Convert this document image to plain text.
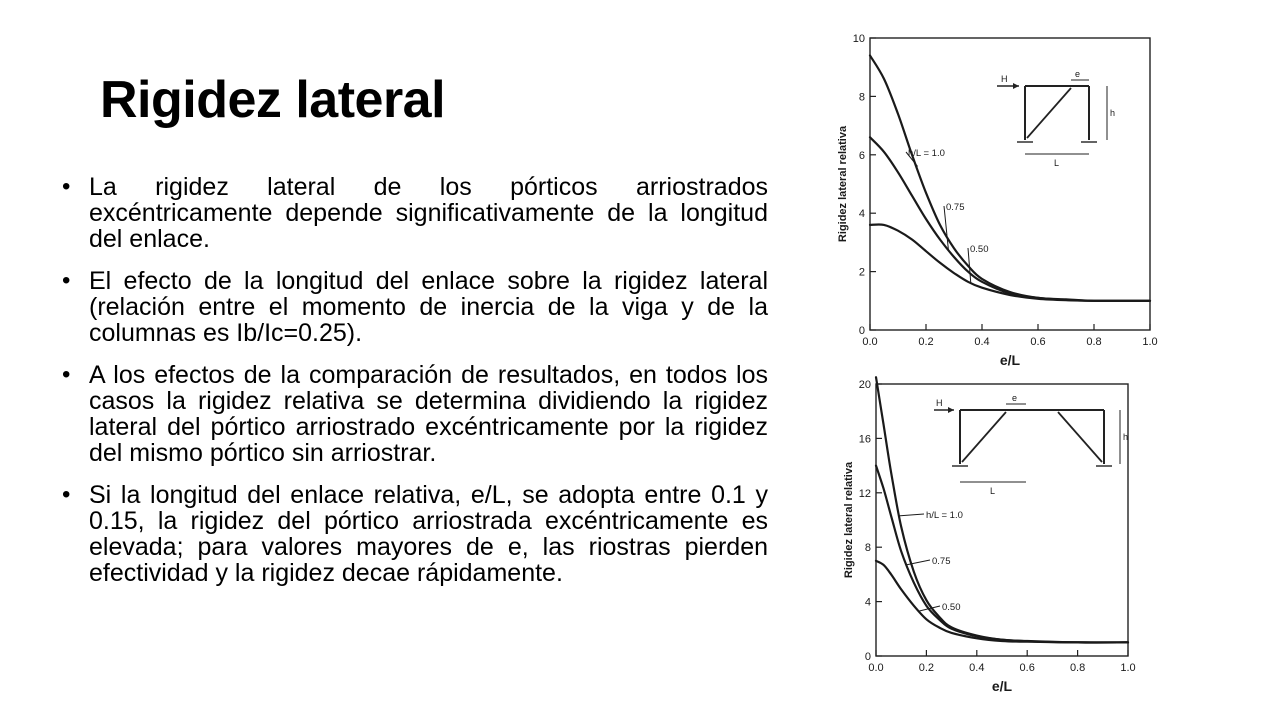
Rigidez lateral
• La rigidez lateral de los pórticos arriostrados excéntricamente depende significativamente de la longitud del enlace.
• El efecto de la longitud del enlace sobre la rigidez lateral (relación entre el momento de inercia de la viga y de la columnas es Ib/Ic=0.25).
• A los efectos de la comparación de resultados, en todos los casos la rigidez relativa se determina dividiendo la rigidez lateral del pórtico arriostrado excéntricamente por la rigidez del mismo pórtico sin arriostrar.
• Si la longitud del enlace relativa, e/L, se adopta entre 0.1 y 0.15, la rigidez del pórtico arriostrada excéntricamente es elevada; para valores mayores de e, las riostras pierden efectividad y la rigidez decae rápidamente.
0
2
4
6
8
10
0.0	0.2	0.4	0.6	0.8	1.0
e/L
Rigidez lateral relativa	h/L = 1.0
0.75
0.50
H	e
h
L
0
4
8
12
16
20
0.0	0.2	0.4	0.6	0.8	1.0
e/L
Rigidez lateral relativa	h/L = 1.0
0.75
0.50
H	e
h
L
